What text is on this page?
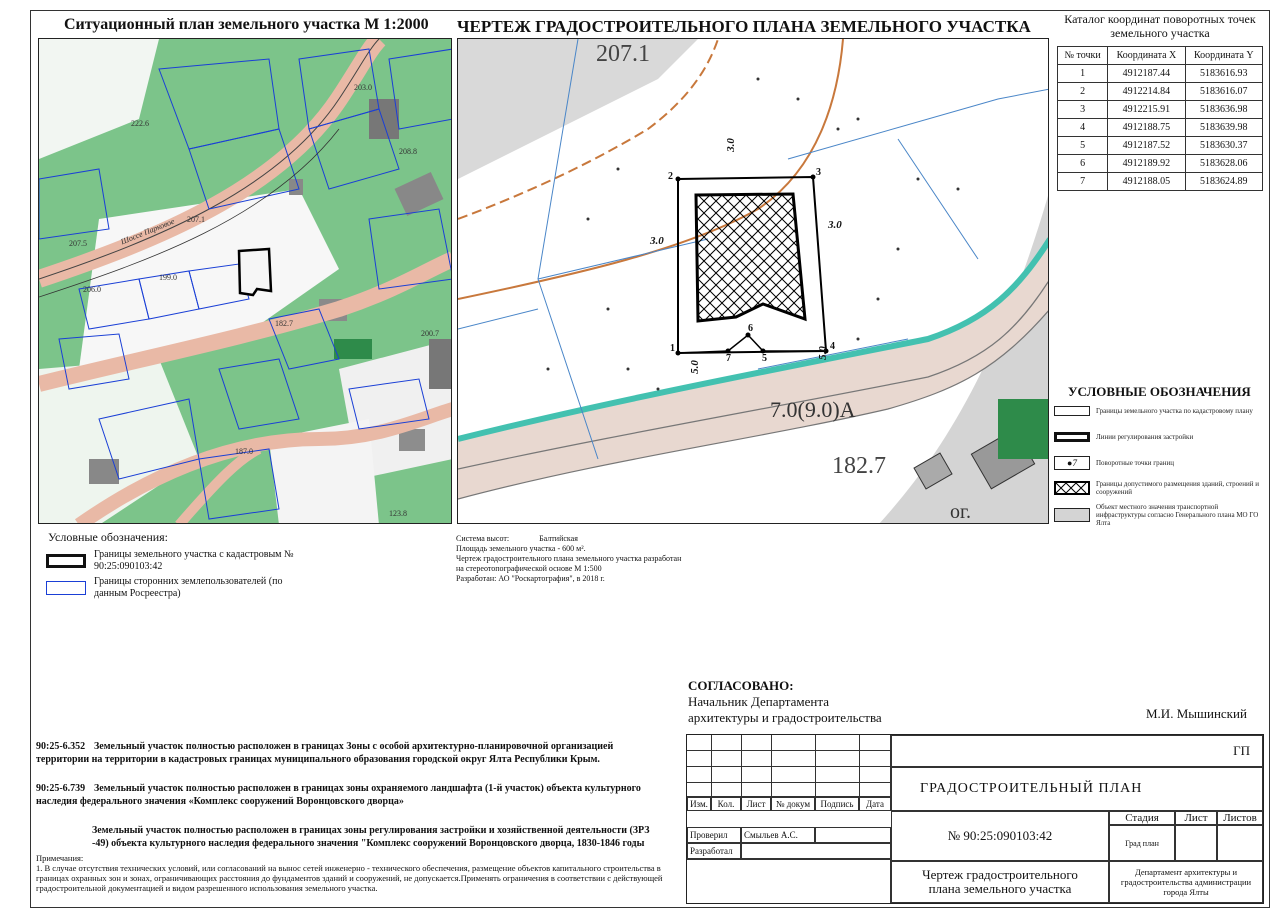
Ситуационный план земельного участка М 1:2000
222.6
207.5
207.1
203.0
206.0
199.0
182.7
200.7
123.8
187.0
208.8
Шоссе Парковое
Условные обозначения:
Границы земельного участка с кадастровым № 90:25:090103:42
Границы сторонних землепользователей (по данным Росреестра)
ЧЕРТЕЖ ГРАДОСТРОИТЕЛЬНОГО ПЛАНА ЗЕМЕЛЬНОГО УЧАСТКА
207.1
7.0(9.0)А
182.7
ог.
3.0
3.0
3.0
5.0
5.0
1
2	3
4
5
6
7
Система высот:               Балтийская
Площадь земельного участка - 600 м².
Чертеж градостроительного плана земельного участка разработан на стереотопографической основе М 1:500
Разработан: АО "Роскартография", в 2018 г.
Каталог координат поворотных точек земельного участка
№ точки	Координата X	Координата Y
1	4912187.44	5183616.93
2	4912214.84	5183616.07
3	4912215.91	5183636.98
4	4912188.75	5183639.98
5	4912187.52	5183630.37
6	4912189.92	5183628.06
7	4912188.05	5183624.89
УСЛОВНЫЕ ОБОЗНАЧЕНИЯ
Границы земельного участка по кадастровому плану
Линии регулирования застройки
● 7	Поворотные точки границ
Границы допустимого размещения зданий, строений и сооружений
Объект местного значения транспортной инфраструктуры согласно Генерального плана МО ГО Ялта
СОГЛАСОВАНО:
Начальник Департамента
архитектуры и градостроительства	М.И. Мышинский
90:25-6.352 Земельный участок полностью расположен в границах Зоны с особой архитектурно-планировочной организацией территории на территории в кадастровых границах муниципального образования городской округ Ялта Республики Крым.
90:25-6.739 Земельный участок полностью расположен в границах зоны охраняемого ландшафта (1-й участок) объекта культурного наследия федерального значения «Комплекс сооружений Воронцовского дворца»
Земельный участок полностью расположен в границах зоны регулирования застройки и хозяйственной деятельности (ЗРЗ -49) объекта культурного наследия федерального значения "Комплекс сооружений Воронцовского дворца, 1830-1846 годы
Примечания:
1. В случае отсутствия технических условий, или согласований на вынос сетей инженерно - технического обеспечения, размещение объектов капитального строительства в границах охранных зон и зонах, ограничивающих расстояния до фундаментов зданий и сооружений, не допускается.Применять ограничения в соответствии с действующей градостроительной документацией и видом разрешенного использования земельного участка.
Изм.	Кол.	Лист	№ докум	Подпись	Дата
Проверил	Смыльев А.С.
Разработал
ГП
ГРАДОСТРОИТЕЛЬНЫЙ ПЛАН
№ 90:25:090103:42
Стадия	Лист	Листов
Град план
Чертеж градостроительного плана земельного участка
Департамент архитектуры и градостроительства администрации города Ялты
